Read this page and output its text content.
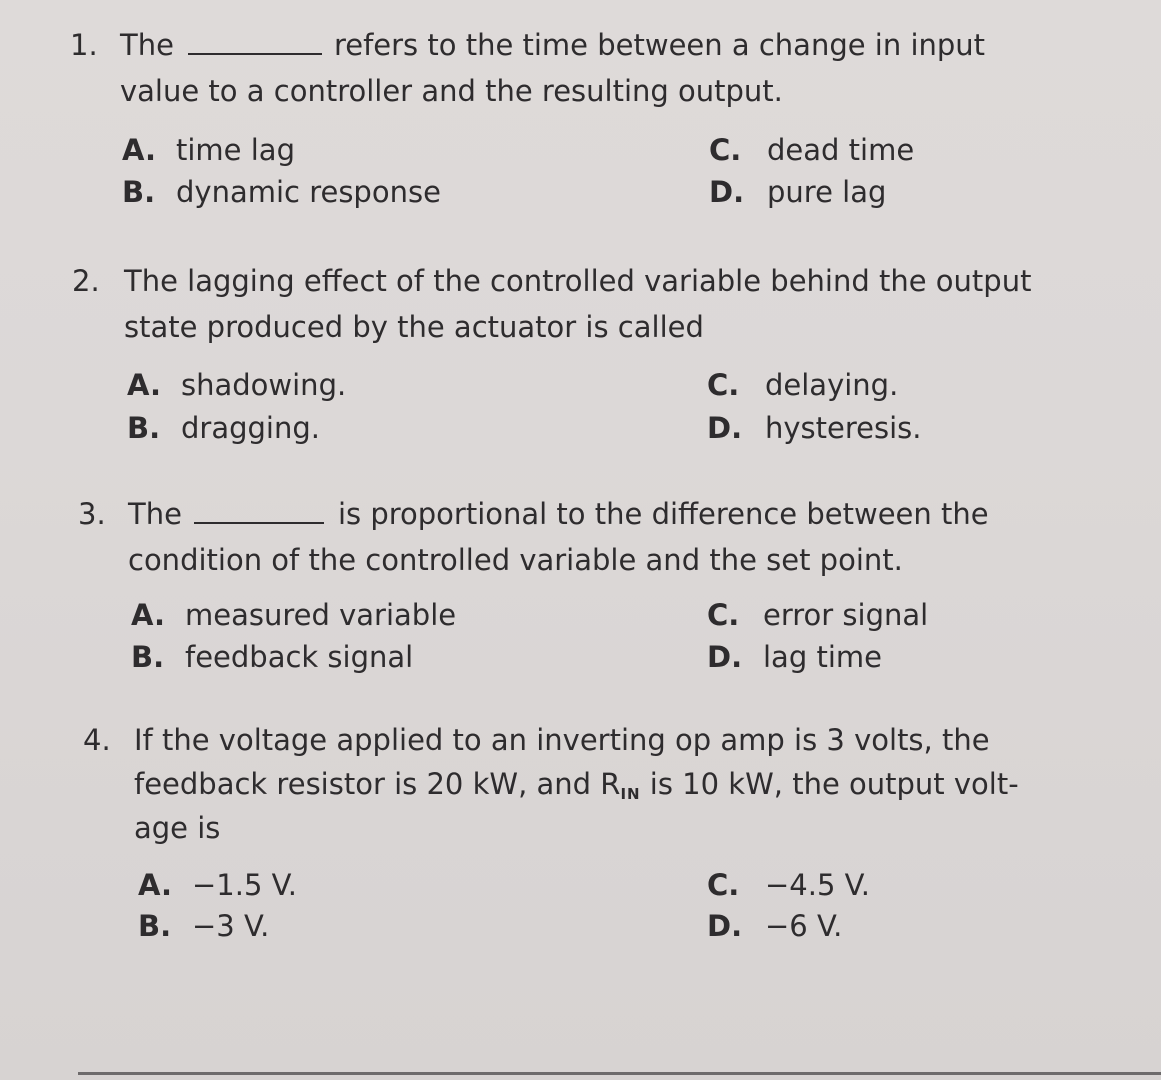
1. The	refers to the time between a change in input
value to a controller and the resulting output.
A. time lag
B. dynamic response
C. dead time
D. pure lag
2. The lagging effect of the controlled variable behind the output
state produced by the actuator is called
A. shadowing.
B. dragging.
C. delaying.
D. hysteresis.
3. The	is proportional to the difference between the
condition of the controlled variable and the set point.
A. measured variable
B. feedback signal
C. error signal
D. lag time
4. If the voltage applied to an inverting op amp is 3 volts, the
feedback resistor is 20 kW, and $R_{IN}$ is 10 kW, the output volt-
age is
A. −1.5 V.
B. −3 V.
C. −4.5 V.
D. −6 V.
